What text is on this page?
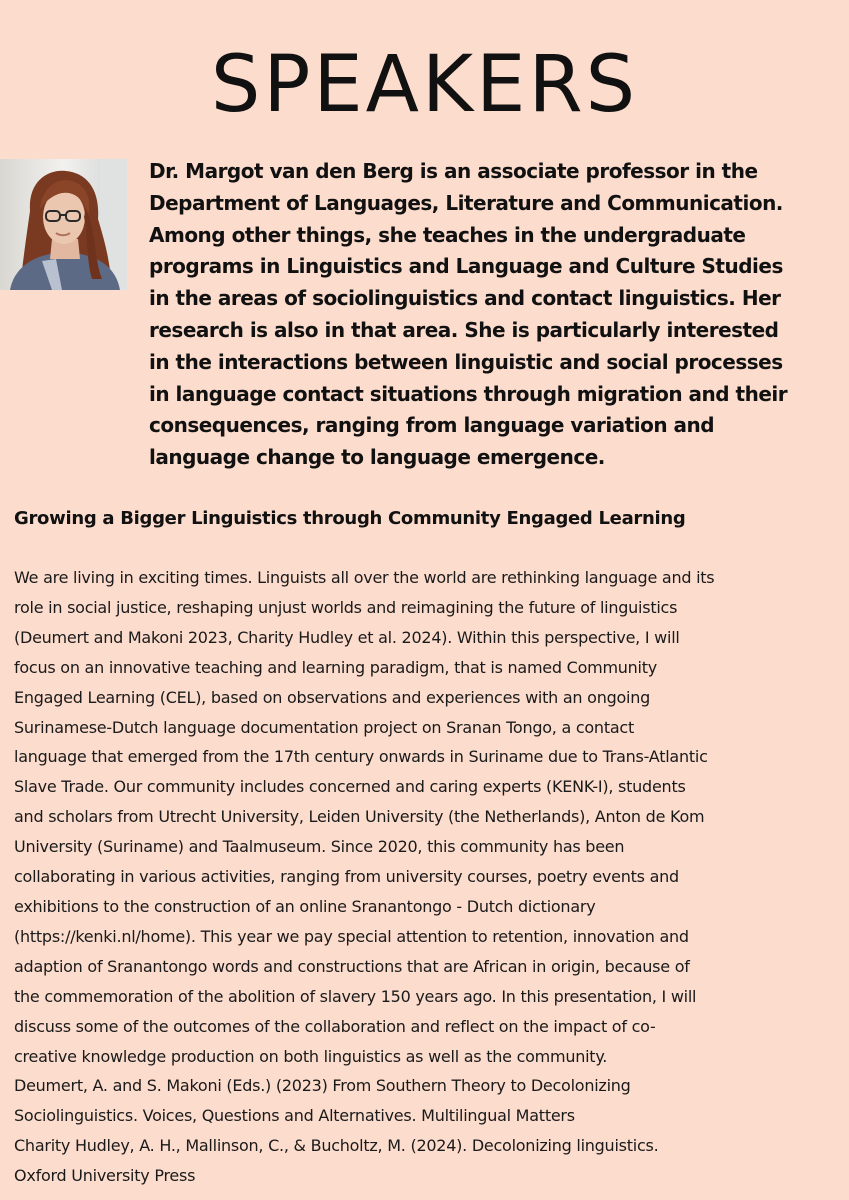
SPEAKERS
Dr. Margot van den Berg is an associate professor in the
Department of Languages, Literature and Communication.
Among other things, she teaches in the undergraduate
programs in Linguistics and Language and Culture Studies
in the areas of sociolinguistics and contact linguistics. Her
research is also in that area. She is particularly interested
in the interactions between linguistic and social processes
in language contact situations through migration and their
consequences, ranging from language variation and
language change to language emergence.
Growing a Bigger Linguistics through Community Engaged Learning
We are living in exciting times. Linguists all over the world are rethinking language and its
role in social justice, reshaping unjust worlds and reimagining the future of linguistics
(Deumert and Makoni 2023, Charity Hudley et al. 2024). Within this perspective, I will
focus on an innovative teaching and learning paradigm, that is named Community
Engaged Learning (CEL), based on observations and experiences with an ongoing
Surinamese-Dutch language documentation project on Sranan Tongo, a contact
language that emerged from the 17th century onwards in Suriname due to Trans-Atlantic
Slave Trade. Our community includes concerned and caring experts (KENK-I), students
and scholars from Utrecht University, Leiden University (the Netherlands), Anton de Kom
University (Suriname) and Taalmuseum. Since 2020, this community has been
collaborating in various activities, ranging from university courses, poetry events and
exhibitions to the construction of an online Sranantongo - Dutch dictionary
(https://kenki.nl/home). This year we pay special attention to retention, innovation and
adaption of Sranantongo words and constructions that are African in origin, because of
the commemoration of the abolition of slavery 150 years ago. In this presentation, I will
discuss some of the outcomes of the collaboration and reflect on the impact of co-
creative knowledge production on both linguistics as well as the community.
Deumert, A. and S. Makoni (Eds.) (2023) From Southern Theory to Decolonizing
Sociolinguistics. Voices, Questions and Alternatives. Multilingual Matters
Charity Hudley, A. H., Mallinson, C., & Bucholtz, M. (2024). Decolonizing linguistics.
Oxford University Press
